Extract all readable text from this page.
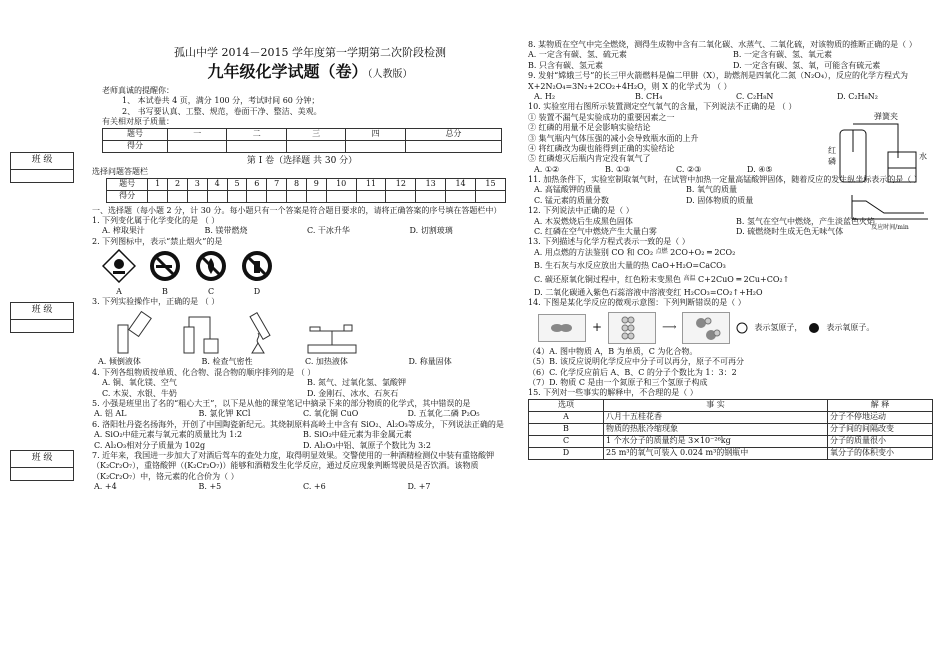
孤山中学 2014－2015 学年度第一学期第二次阶段检测
九年级化学试题（卷）（人教版）
班 级
班 级
班 级
老师真诚的提醒你：
1、 本试卷共 4 页，满分 100 分，考试时间 60 分钟；
2、 书写要认真、工整、规范，卷面干净、整洁、美观。
有关相对原子质量：
题号	一	二	三	四	总分
得分					
第 I 卷（选择题 共 30 分）
选择问题答题栏
题号	1	2	3	4	5	6	7	8	9	10	11	12	13	14	15
得分															
一、选择题（每小题 2 分，计 30 分。每小题只有一个答案是符合题目要求的，请将正确答案的序号填在答题栏中）
1. 下列变化属于化学变化的是 （ ）
A. 榨取果汁	B. 镁带燃烧	C. 干冰升华	D. 切割玻璃
2. 下列图标中，表示“禁止烟火”的是
A	B	C	D
3. 下列实验操作中，正确的是 （ ）
A. 倾倒液体	B. 检查气密性	C. 加热液体	D. 称量固体
4. 下列各组物质按单质、化合物、混合物的顺序排列的是 （ ）
A. 铜、氧化镁、空气	B. 氮气、过氧化氢、氯酸钾
C. 木炭、水银、牛奶	D. 金刚石、冰水、石灰石
5. 小强是班里出了名的“粗心大王”，以下是从他的课堂笔记中摘录下来的部分物质的化学式，其中错误的是
A. 铝 AL	B. 氯化钾 KCl	C. 氧化铜 CuO	D. 五氧化二磷 P₂O₅
6. 洛阳牡丹瓷名扬海外，开创了中国陶瓷新纪元。其烧制原料高岭土中含有 SiO₂、Al₂O₃等成分，下列说法正确的是
A. SiO₂中硅元素与氧元素的质量比为 1:2	B. SiO₂中硅元素为非金属元素
C. Al₂O₃相对分子质量为 102g	D. Al₂O₃中铝、氧原子个数比为 3:2
7. 近年来，我国进一步加大了对酒后驾车的查处力度，取得明显效果。交警使用的一种酒精检测仪中装有重铬酸钾（K₂Cr₂O₇），重铬酸钾（(K₂Cr₂O₇)）能够和酒精发生化学反应，通过反应现象判断驾驶员是否饮酒。该物质（K₂Cr₂O₇）中，铬元素的化合价为（ ）
A. +4	B. +5	C. +6	D. +7
8. 某物质在空气中完全燃烧，测得生成物中含有二氧化碳、水蒸气、二氧化硫，对该物质的推断正确的是（ ）
A. 一定含有碳、氢、硫元素	B. 一定含有碳、氢、氧元素
B. 只含有碳、氢元素	D. 一定含有碳、氢、氧，可能含有硫元素
9. 发射“嫦娥三号”的长三甲火箭燃料是偏二甲肼（X），助燃剂是四氧化二氮（N₂O₄），反应的化学方程式为 X+2N₂O₄=3N₂+2CO₂+4H₂O，则 X 的化学式为 （ ）
A. H₂	B. CH₄	C. C₂H₈N	D. C₂H₈N₂
10. 实验室用右图所示装置测定空气氧气的含量，下列说法不正确的是 （ ）
① 装置不漏气是实验成功的重要因素之一
② 红磷的用量不足会影响实验结论
③ 集气瓶内气体压强的减小会导致瓶水面的上升
④ 将红磷改为碳也能得到正确的实验结论
⑤ 红磷熄灭后瓶内肯定没有氧气了
A. ①②	B. ①③	C. ②③	D. ④⑤
弹簧夹
红磷	水
11. 加热条件下，实验室制取氧气时，在试管中加热一定量高锰酸钾固体，随着反应的发生纵坐标表示的是（ ）
A. 高锰酸钾的质量	B. 氧气的质量
C. 锰元素的质量分数	D. 固体物质的质量
反应时间/min
12. 下列说法中正确的是（ ）
A. 木炭燃烧后生成黑色固体	B. 氢气在空气中燃烧，产生淡蓝色火焰
C. 红磷在空气中燃烧产生大量白雾	D. 硫燃烧时生成无色无味气体
13. 下列描述与化学方程式表示一致的是（ ）
A. 用点燃的方法鉴别 CO 和 CO₂ $^{点燃}$ 2CO+O₂ ═ 2CO₂
B. 生石灰与水反应放出大量的热 CaO+H₂O=CaCO₃
C. 碳还原氧化铜过程中，红色粉末变黑色 $^{高温}$ C+2CuO ═ 2Cu+CO₂↑
D. 二氧化碳通入紫色石蕊溶液中溶液变红 H₂CO₃=CO₂↑+H₂O
14. 下图是某化学反应的微观示意图：下列判断错误的是（ ）
+	⟶	表示氢原子，	表示氧原子。
（4）A. 图中物质 A，B 为单质，C 为化合物。
（5）B. 该反应说明化学反应中分子可以再分，原子不可再分
（6）C. 化学反应前后 A、B、C 的分子个数比为 1：3：2
（7）D. 物质 C 是由一个氮原子和三个氢原子构成
15. 下列对一些事实的解释中，不合理的是（ ）
选项	事 实	解 释
A	八月十五桂花香	分子不停地运动
B	物质的热胀冷缩现象	分子间的间隔改变
C	1 个水分子的质量约是 3×10⁻²⁶kg	分子的质量很小
D	25 m³的氧气可装入 0.024 m³的钢瓶中	氧分子的体积变小
